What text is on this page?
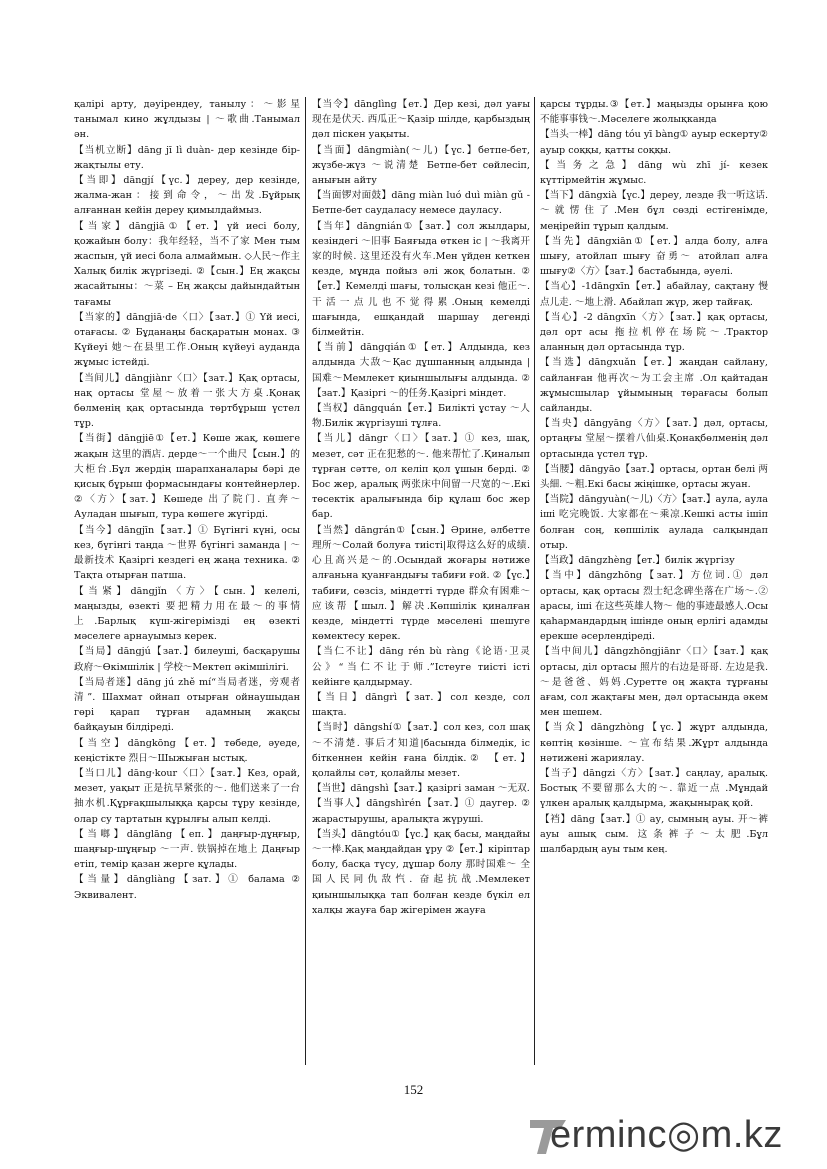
қалірі арту, дәуірендеу, танылу：～影星 танымал кино жұлдызы | ～歌曲.Танымал ән.

【当机立断】dāng jī lì duàn- дер кезінде бір-жақтылы ету.

【当即】dāngjí【үс.】дереу, дер кезінде, жалма-жан：接到命令，～出发.Бұйрық алғаннан кейін дереу қимылдаймыз.

【当家】dāngjiā①【ет.】үй иесі болу, қожайын болу：我年经轻，当不了家 Мен тым жаспын, үй иесі бола алмаймын. ◇人民～作主 Халық билік жүргізеді. ②【сын.】Ең жақсы жасайтыны：～菜 – Ең жақсы дайындайтын тағамы

【当家的】dāngjiā·de〈口〉【зат.】① Үй иесі, отағасы. ② Бұданаңы басқаратын монах. ③ Күйеуі 她～在县里工作.Оның күйеуі ауданда жұмыс істейді.

【当间儿】dāngjiànr〈口〉【зат.】Қақ ортасы, нақ ортасы 堂屋～放着一张大方桌.Қонақ бөлменің қақ ортасында төртбұрыш үстел тұр.

【当街】dāngjiē①【ет.】Көше жақ, көшеге жақын 这里的酒店. дерде～一个曲尺【сын.】的大柜台.Бұл жердің шарапханалары бәрі де қисық бұрыш формасындағы контейнерлер. ②〈方〉【зат.】Көшеде 出了院门. 直奔～Ауладан шығып, тура көшеге жүгірді.

【当今】dāngjīn【зат.】① Бүгінгі күні, осы кез, бүгінгі таңда ～世界 бүгінгі заманда | ～最新技术 Қазіргі кездегі ең жаңа техника. ② Тақта отырған патша.

【当紧】dāngjǐn〈方〉【сын.】келелі, маңызды, өзекті 要把精力用在最～的事情上.Барлық күш-жігерімізді ең өзекті мәселеге арнауымыз керек.

【当局】dāngjú【зат.】билеуші, басқарушы 政府～Өкімшілік | 学校～Мектеп әкімшілігі.

【当局者迷】dāng jú zhě mí“当局者迷，旁观者清”. Шахмат ойнап отырған ойнаушыдан гөрі қарап тұрған адамның жақсы байқауын білдіреді.

【当空】dāngkōng【ет.】төбеде, әуеде, кеңістікте 烈日～Шыжыған ыстық.

【当口儿】dāng·kour〈口〉【зат.】Кез, орай, мезет, уақыт 正是抗旱紧张的～. 他们送来了一台抽水机.Құрғақшылыққа қарсы тұру кезінде, олар су тартатын құрылғы алып келді.

【当啷】dānglāng【еп.】даңғыр-дұңғыр, шаңғыр-шұңғыр ～一声. 铁锅掉在地上 Даңғыр етіп, темір қазан жерге құлады.

【当量】dāngliàng【зат.】① балама ② Эквивалент.

【当令】dānglìng【ет.】Дер кезі, дәл уағы 现在是伏天. 西瓜正～Қазір шілде, қарбыздың дәл піскен уақыты.

【当面】dāngmiàn(～儿)【үс.】бетпе-бет, жүзбе-жүз ～说清楚 Бетпе-бет сөйлесіп, анығын айту

【当面锣对面鼓】dāng miàn luó duì miàn gǔ - Бетпе-бет саудаласу немесе дауласу.

【当年】dāngnián①【зат.】сол жылдары, кезіндегі ～旧事 Баяғыда өткен іс | ～我离开家的时候. 这里还没有火车.Мен үйден кеткен кезде, мұнда пойыз әлі жоқ болатын. ②【ет.】Кемелді шағы, толысқан кезі 他正～. 干活一点儿也不觉得累.Оның кемелді шағында, ешқандай шаршау дегенді білмейтін.

【当前】dāngqián①【ет.】Алдында, кез алдында 大敌～Қас дұшпанның алдында | 国难～Мемлекет қиыншылығы алдында. ②【зат.】Қазіргі ～的任务.Қазіргі міндет.

【当权】dāngquán【ет.】Билікті ұстау ～人物.Билік жүргізуші тұлға.

【当儿】dāngr〈口〉【зат.】① кез, шақ, мезет, сәт 正在犯愁的～. 他来帮忙了.Қиналып тұрған сәтте, ол келіп қол ұшын берді. ② Бос жер, аралық 两张床中间留一尺宽的～.Екі төсектік аралығында бір құлаш бос жер бар.

【当然】dāngrán①【сын.】Әрине, әлбетте 理所～Солай болуға тиісті|取得这么好的成绩. 心且高兴是～的.Осындай жоғары нәтиже алғаньна қуанғандығы табиғи ғой. ②【үс.】табиғи, сөзсіз, міндетті түрде 群众有困难～应该帮【шыл.】解决.Көпшілік қиналған кезде, міндетті түрде мәселені шешуге көмектесу керек.

【当仁不让】dāng rén bù ràng《论语·卫灵公》“当仁不让于师.”Істеуге тиісті істі кейінге қалдырмау.

【当日】dāngrì【зат.】сол кезде, сол шақта.

【当时】dāngshí①【зат.】сол кез, сол шақ ～不清楚. 事后才知道|басында білмедік, іс біткеннен кейін ғана білдік.② 【ет.】қолайлы сәт, қолайлы мезет.

【当世】dāngshì【зат.】қазіргі заман ～无双.

【当事人】dāngshìrén【зат.】① даугер. ② жарастырушы, аралықта жүруші.

【当头】dāngtóu①【үс.】қақ басы, маңдайы ～一棒.Қақ маңдайдан ұру ②【ет.】кіріптар болу, басқа түсу, дұшар болу 那时国难～ 全国人民同仇敌忾. 奋起抗战.Мемлекет қиыншылыққа тап болған кезде бүкіл ел халқы жауға бар жігерімен жауға

қарсы тұрды.③【ет.】маңызды орынға қою 不能事事钱～.Мәселеге жолықканда

【当头一棒】dāng tóu yī bàng① ауыр ескерту② ауыр соққы, қатты соққы.

【当务之急】dāng wù zhī jí- кезек күттірмейтін жұмыс.

【当下】dāngxià【үс.】дереу, лезде 我一听这话. ～就愣住了.Мен бұл сөзді естігенімде, меңірейіп тұрып қалдым.

【当先】dāngxiān①【ет.】алда болу, алға шығу, атойлап шығу 奋勇～ атойлап алға шығу②〈方〉【зат.】бастабында, әуелі.

【当心】-1dāngxīn【ет.】абайлау, сақтану 慢点儿走. ～地上滑. Абайлап жүр, жер тайғақ.

【当心】-2 dāngxīn〈方〉【зат.】қақ ортасы, дәл орт асы 拖拉机停在场院～.Трактор аланның дәл ортасында тұр.

【当选】dāngxuǎn【ет.】жаңдан сайлану, сайланған 他再次～为工会主席 .Ол қайтадан жұмысшылар ұйымының төрағасы болып сайланды.

【当央】dāngyāng〈方〉【зат.】дәл, ортасы, ортаңғы 堂屋～摆着八仙桌.Қонақбөлменің дәл ортасында үстел тұр.

【当腰】dāngyāo【зат.】ортасы, ортан белі 两头細. ～粗.Екі басы жіңішке, ортасы жуан.

【当院】dāngyuàn(～儿)〈方〉【зат.】аула, аула іші 吃完晚饭. 大家都在～乘凉.Кешкі асты ішіп болған соң, көпшілік аулада салқындап отыр.

【当政】dāngzhèng【ет.】билік жүргізу

【当中】dāngzhōng【зат.】方位词.① дәл ортасы, қақ ортасы 烈士纪念碑坐落在广场～.② арасы, іші 在这些英雄人物～ 他的事迹最感人.Осы қаһармандардың ішінде оның ерлігі адамды ерекше әсерлендіреді.

【当中间儿】dāngzhōngjiānr〈口〉【зат.】қақ ортасы, діл ортасы 照片的右边是哥哥. 左边是我. ～是爸爸、妈妈.Суретте оң жақта тұрғаны ағам, сол жақтағы мен, дәл ортасында әкем мен шешем.

【当众】dāngzhòng【үс.】жұрт алдында, көптің көзінше. ～宣布结果.Жұрт алдында нәтижені жариялау.

【当子】dāngzi〈方〉【зат.】саңлау, аралық. Бостық 不要留那么大的～. 靠近一点 .Мұндай үлкен аралық қалдырма, жақынырақ қой.

【裆】dāng【зат.】① ау, сымның ауы. 开～裤 ауы ашық сым. 这条裤子～太肥.Бұл шалбардың ауы тым кең.

152
erminc◎m.kz
